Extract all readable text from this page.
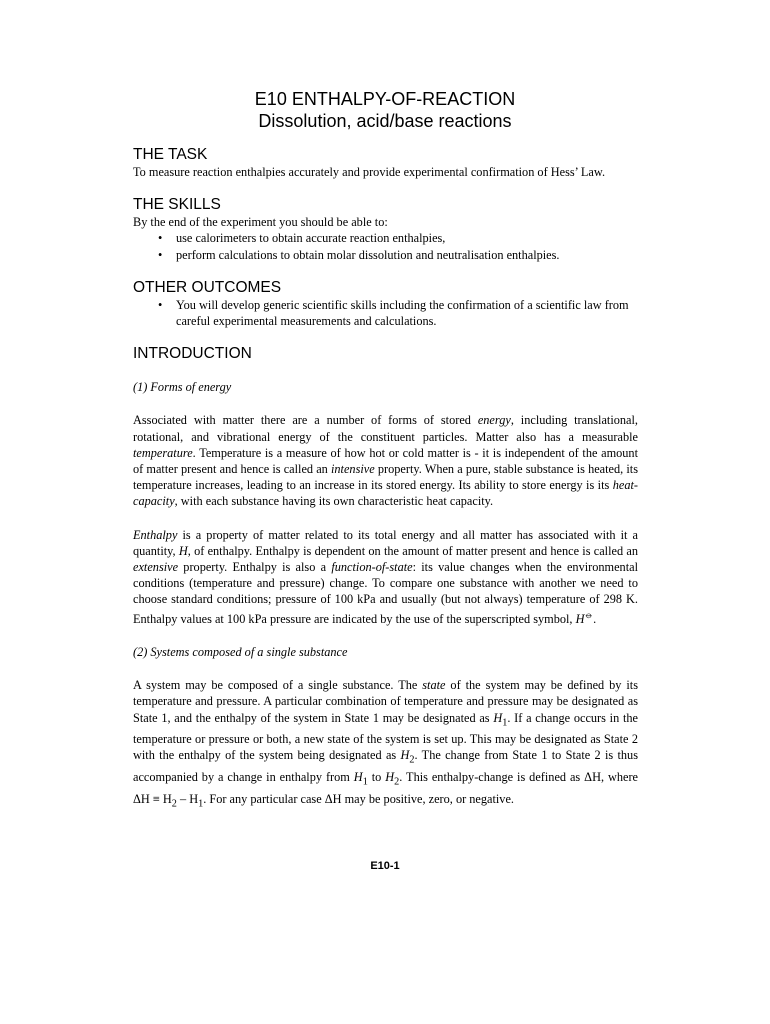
E10 ENTHALPY-OF-REACTION
Dissolution, acid/base reactions
THE TASK

To measure reaction enthalpies accurately and provide experimental confirmation of Hess’ Law.

THE SKILLS

By the end of the experiment you should be able to:

• use calorimeters to obtain accurate reaction enthalpies,
• perform calculations to obtain molar dissolution and neutralisation enthalpies.
OTHER OUTCOMES
• You will develop generic scientific skills including the confirmation of a scientific law from careful experimental measurements and calculations.
INTRODUCTION

(1) Forms of energy

Associated with matter there are a number of forms of stored energy, including translational, rotational, and vibrational energy of the constituent particles. Matter also has a measurable temperature. Temperature is a measure of how hot or cold matter is - it is independent of the amount of matter present and hence is called an intensive property. When a pure, stable substance is heated, its temperature increases, leading to an increase in its stored energy. Its ability to store energy is its heat-capacity, with each substance having its own characteristic heat capacity.

Enthalpy is a property of matter related to its total energy and all matter has associated with it a quantity, H, of enthalpy. Enthalpy is dependent on the amount of matter present and hence is called an extensive property. Enthalpy is also a function-of-state: its value changes when the environmental conditions (temperature and pressure) change. To compare one substance with another we need to choose standard conditions; pressure of 100 kPa and usually (but not always) temperature of 298 K. Enthalpy values at 100 kPa pressure are indicated by the use of the superscripted symbol, H⦵.

(2) Systems composed of a single substance

A system may be composed of a single substance. The state of the system may be defined by its temperature and pressure. A particular combination of temperature and pressure may be designated as State 1, and the enthalpy of the system in State 1 may be designated as $H_1$. If a change occurs in the temperature or pressure or both, a new state of the system is set up. This may be designated as State 2 with the enthalpy of the system being designated as $H_2$. The change from State 1 to State 2 is thus accompanied by a change in enthalpy from $H_1$ to $H_2$. This enthalpy-change is defined as ΔH, where $\Delta H \equiv H_2 - H_1$. For any particular case ΔH may be positive, zero, or negative.

E10-1
